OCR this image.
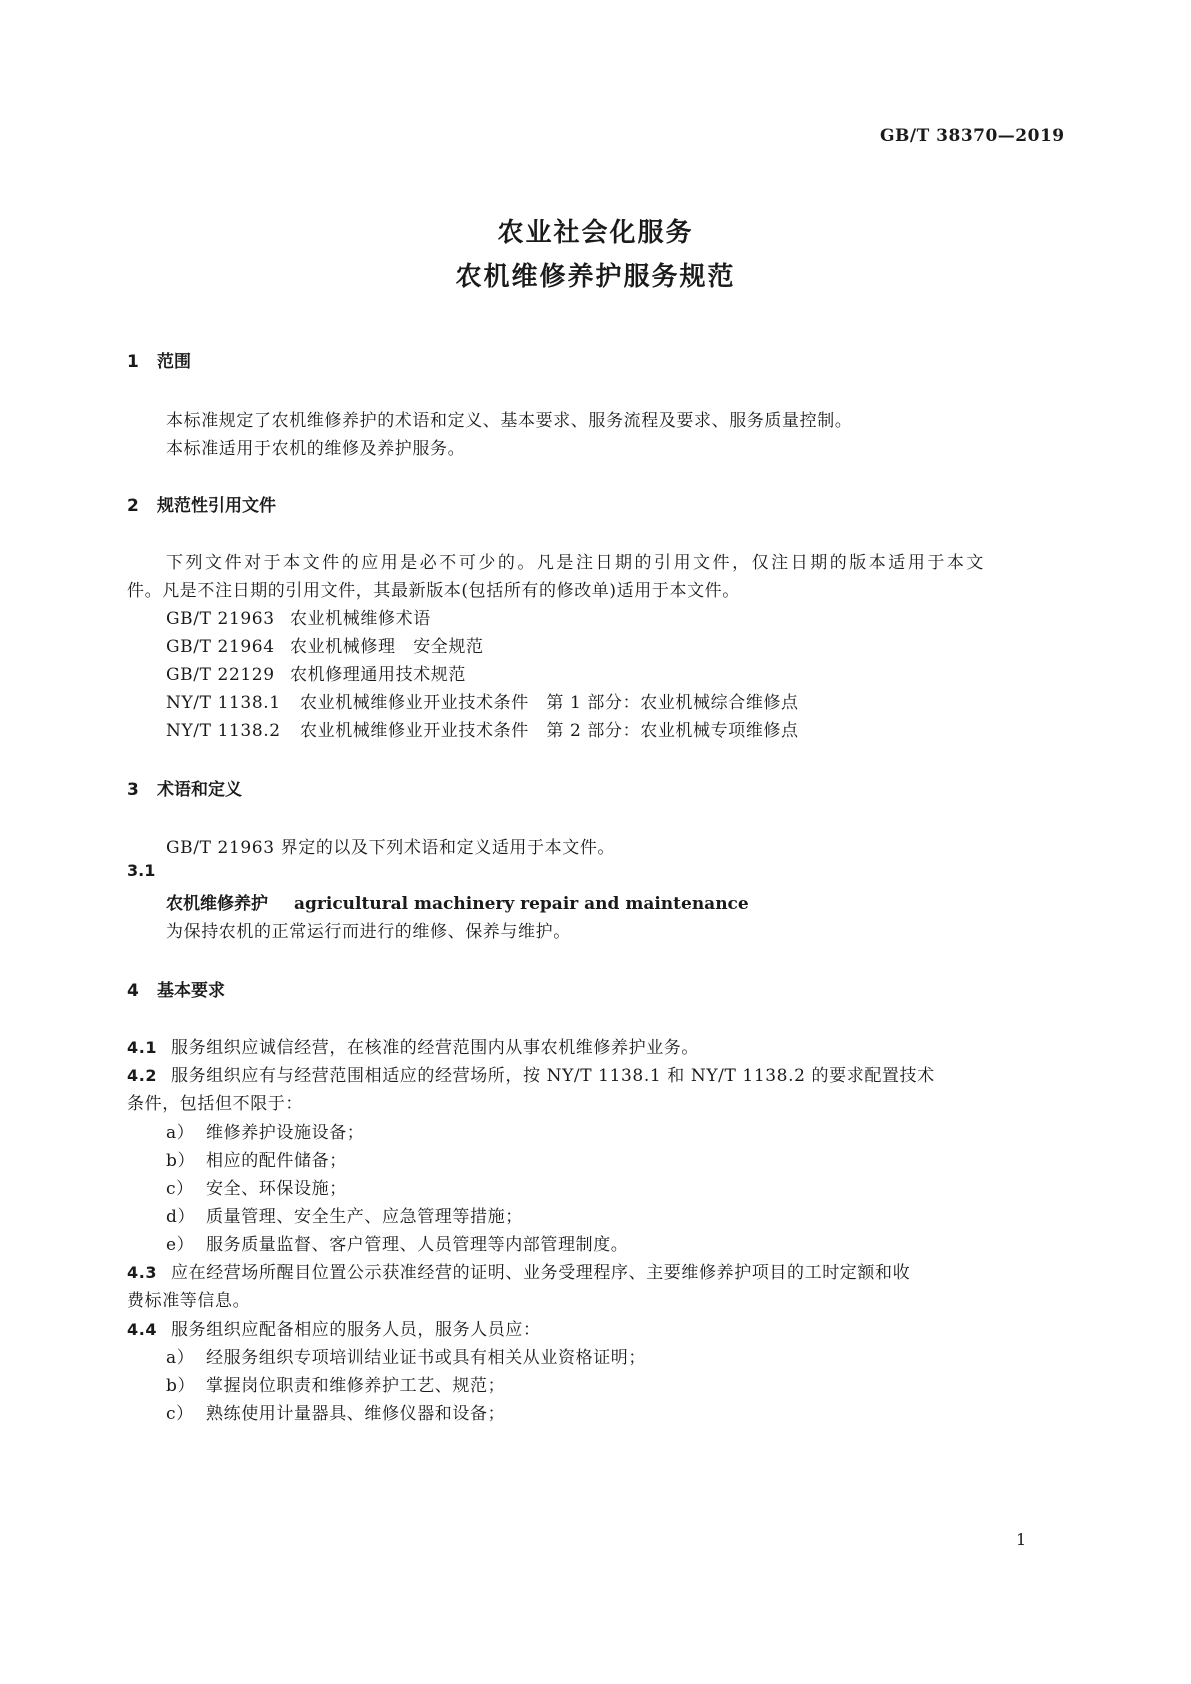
GB/T 38370—2019
农业社会化服务
农机维修养护服务规范
1 范围
本标准规定了农机维修养护的术语和定义、基本要求、服务流程及要求、服务质量控制。
本标准适用于农机的维修及养护服务。
2 规范性引用文件
下列文件对于本文件的应用是必不可少的。凡是注日期的引用文件，仅注日期的版本适用于本文
件。凡是不注日期的引用文件，其最新版本(包括所有的修改单)适用于本文件。
GB/T 21963 农业机械维修术语
GB/T 21964 农业机械修理　安全规范
GB/T 22129 农机修理通用技术规范
NY/T 1138.1 农业机械维修业开业技术条件　第 1 部分：农业机械综合维修点
NY/T 1138.2 农业机械维修业开业技术条件　第 2 部分：农业机械专项维修点
3 术语和定义
GB/T 21963 界定的以及下列术语和定义适用于本文件。
3.1
农机维修养护 agricultural machinery repair and maintenance
为保持农机的正常运行而进行的维修、保养与维护。
4 基本要求
4.1 服务组织应诚信经营，在核准的经营范围内从事农机维修养护业务。
4.2 服务组织应有与经营范围相适应的经营场所，按 NY/T 1138.1 和 NY/T 1138.2 的要求配置技术
条件，包括但不限于：
a） 维修养护设施设备；
b） 相应的配件储备；
c） 安全、环保设施；
d） 质量管理、安全生产、应急管理等措施；
e） 服务质量监督、客户管理、人员管理等内部管理制度。
4.3 应在经营场所醒目位置公示获准经营的证明、业务受理程序、主要维修养护项目的工时定额和收
费标准等信息。
4.4 服务组织应配备相应的服务人员，服务人员应：
a） 经服务组织专项培训结业证书或具有相关从业资格证明；
b） 掌握岗位职责和维修养护工艺、规范；
c） 熟练使用计量器具、维修仪器和设备；
1
